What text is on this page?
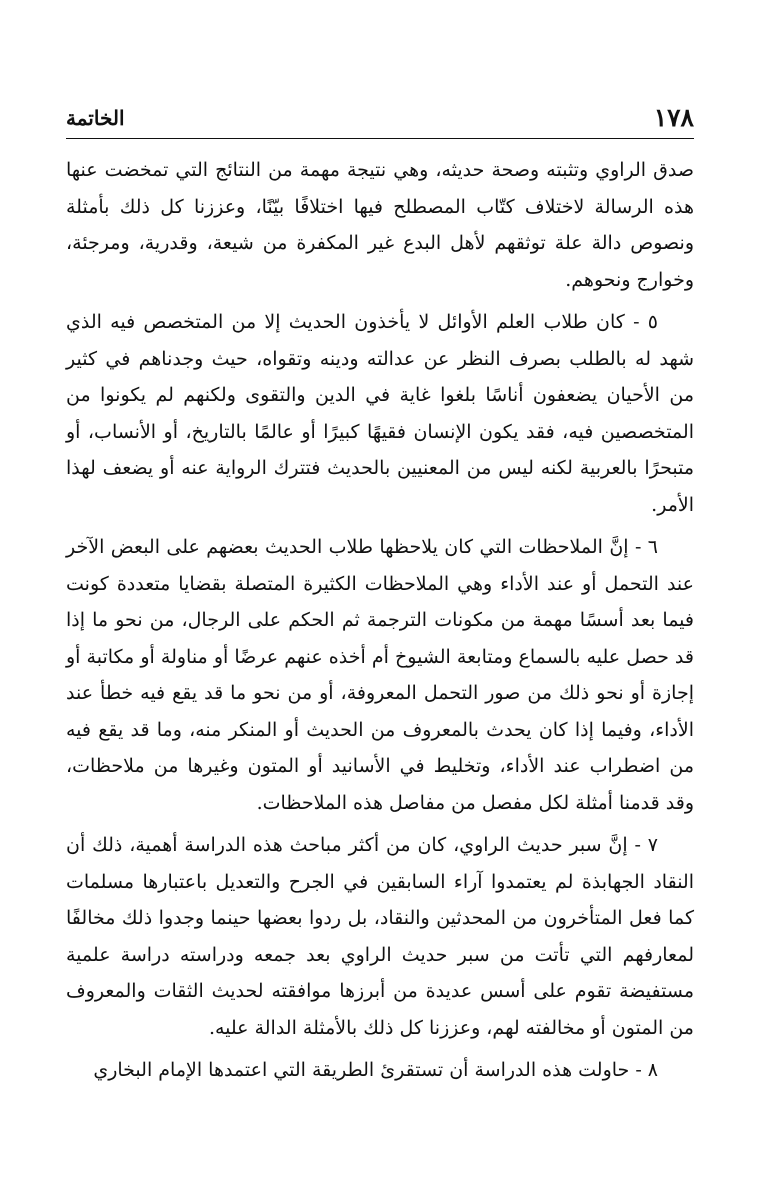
١٧٨
الخاتمة

صدق الراوي وتثبته وصحة حديثه، وهي نتيجة مهمة من النتائج التي تمخضت عنها هذه الرسالة لاختلاف كتّاب المصطلح فيها اختلافًا بيّنًا، وعززنا كل ذلك بأمثلة ونصوص دالة علة توثقهم لأهل البدع غير المكفرة من شيعة، وقدرية، ومرجئة، وخوارج ونحوهم.

٥ - كان طلاب العلم الأوائل لا يأخذون الحديث إلا من المتخصص فيه الذي شهد له بالطلب بصرف النظر عن عدالته ودينه وتقواه، حيث وجدناهم في كثير من الأحيان يضعفون أناسًا بلغوا غاية في الدين والتقوى ولكنهم لم يكونوا من المتخصصين فيه، فقد يكون الإنسان فقيهًا كبيرًا أو عالمًا بالتاريخ، أو الأنساب، أو متبحرًا بالعربية لكنه ليس من المعنيين بالحديث فتترك الرواية عنه أو يضعف لهذا الأمر.

٦ - إنَّ الملاحظات التي كان يلاحظها طلاب الحديث بعضهم على البعض الآخر عند التحمل أو عند الأداء وهي الملاحظات الكثيرة المتصلة بقضايا متعددة كونت فيما بعد أسسًا مهمة من مكونات الترجمة ثم الحكم على الرجال، من نحو ما إذا قد حصل عليه بالسماع ومتابعة الشيوخ أم أخذه عنهم عرضًا أو مناولة أو مكاتبة أو إجازة أو نحو ذلك من صور التحمل المعروفة، أو من نحو ما قد يقع فيه خطأ عند الأداء، وفيما إذا كان يحدث بالمعروف من الحديث أو المنكر منه، وما قد يقع فيه من اضطراب عند الأداء، وتخليط في الأسانيد أو المتون وغيرها من ملاحظات، وقد قدمنا أمثلة لكل مفصل من مفاصل هذه الملاحظات.

٧ - إنَّ سبر حديث الراوي، كان من أكثر مباحث هذه الدراسة أهمية، ذلك أن النقاد الجهابذة لم يعتمدوا آراء السابقين في الجرح والتعديل باعتبارها مسلمات كما فعل المتأخرون من المحدثين والنقاد، بل ردوا بعضها حينما وجدوا ذلك مخالفًا لمعارفهم التي تأتت من سبر حديث الراوي بعد جمعه ودراسته دراسة علمية مستفيضة تقوم على أسس عديدة من أبرزها موافقته لحديث الثقات والمعروف من المتون أو مخالفته لهم، وعززنا كل ذلك بالأمثلة الدالة عليه.

٨ - حاولت هذه الدراسة أن تستقرئ الطريقة التي اعتمدها الإمام البخاري
